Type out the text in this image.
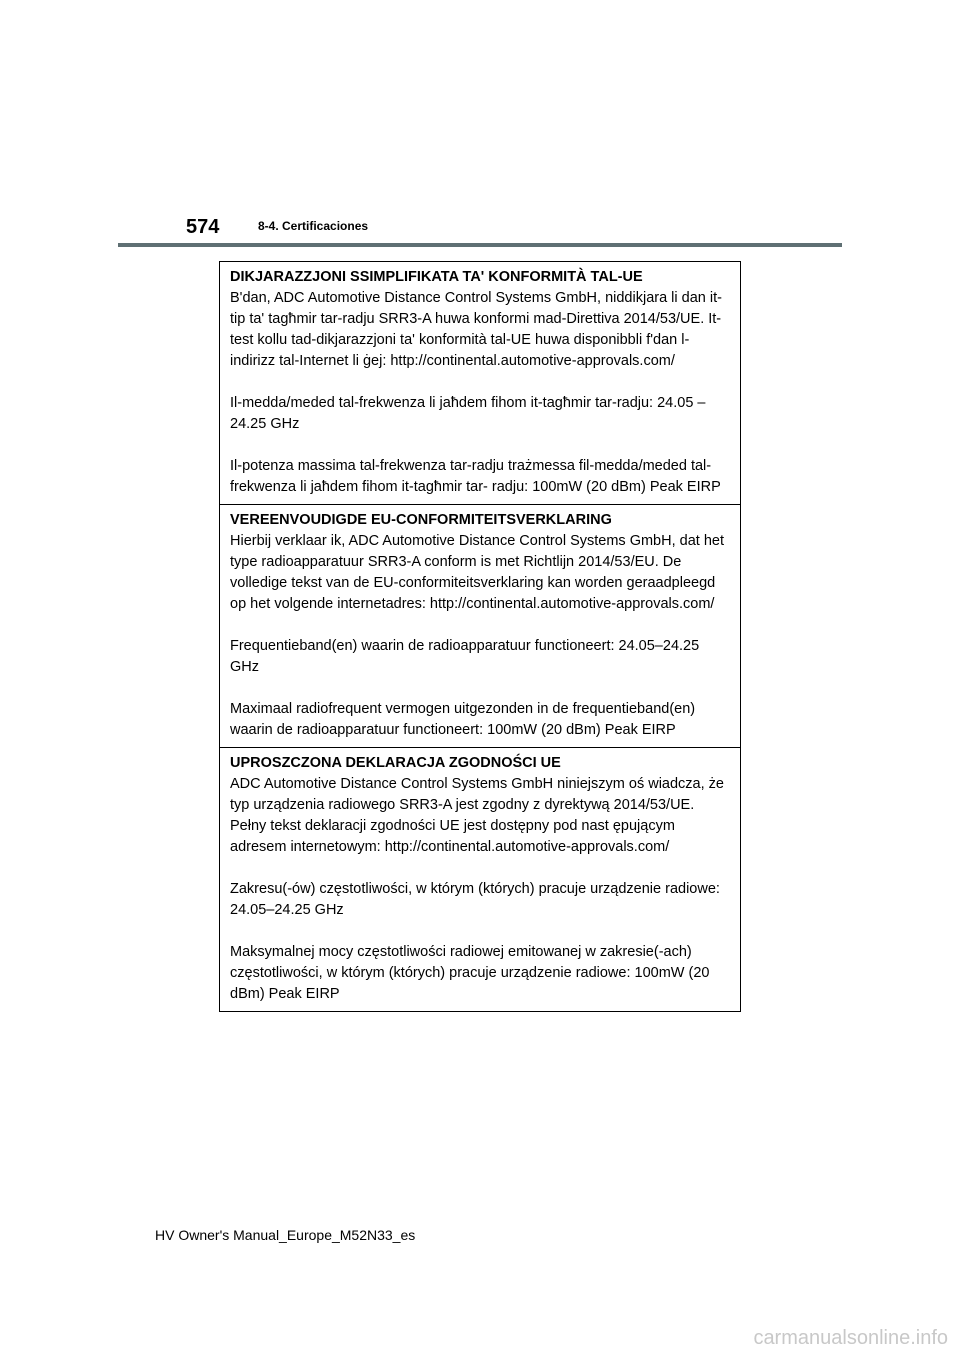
574	8-4. Certificaciones
DIKJARAZZJONI SSIMPLIFIKATA TA' KONFORMITÀ TAL-UE

B'dan, ADC Automotive Distance Control Systems GmbH, niddikjara li dan it-tip ta' tagħmir tar-radju SRR3-A huwa konformi mad-Direttiva 2014/53/UE. It-test kollu tad-dikjarazzjoni ta' konformità tal-UE huwa disponibbli f'dan l-indirizz tal-Internet li ġej: http://continental.automotive-approvals.com/

Il-medda/meded tal-frekwenza li jaħdem fihom it-tagħmir tar-radju: 24.05 –24.25 GHz

Il-potenza massima tal-frekwenza tar-radju trażmessa fil-medda/meded tal-frekwenza li jaħdem fihom it-tagħmir tar- radju: 100mW (20 dBm) Peak EIRP

VEREENVOUDIGDE EU-CONFORMITEITSVERKLARING

Hierbij verklaar ik, ADC Automotive Distance Control Systems GmbH, dat het type radioapparatuur SRR3-A conform is met Richtlijn 2014/53/EU. De volledige tekst van de EU-conformiteitsverklaring kan worden geraadpleegd op het volgende internetadres: http://continental.automotive-approvals.com/

Frequentieband(en) waarin de radioapparatuur functioneert: 24.05–24.25 GHz

Maximaal radiofrequent vermogen uitgezonden in de frequentieband(en) waarin de radioapparatuur functioneert: 100mW (20 dBm) Peak EIRP

UPROSZCZONA DEKLARACJA ZGODNOŚCI UE

ADC Automotive Distance Control Systems GmbH niniejszym oś wiadcza, że typ urządzenia radiowego SRR3-A jest zgodny z dyrektywą 2014/53/UE. Pełny tekst deklaracji zgodności UE jest dostępny pod nast ępującym adresem internetowym: http://continental.automotive-approvals.com/

Zakresu(-ów) częstotliwości, w którym (których) pracuje urządzenie radiowe: 24.05–24.25 GHz

Maksymalnej mocy częstotliwości radiowej emitowanej w zakresie(-ach) częstotliwości, w którym (których) pracuje urządzenie radiowe: 100mW (20 dBm) Peak EIRP

HV Owner's Manual_Europe_M52N33_es
carmanualsonline.info
